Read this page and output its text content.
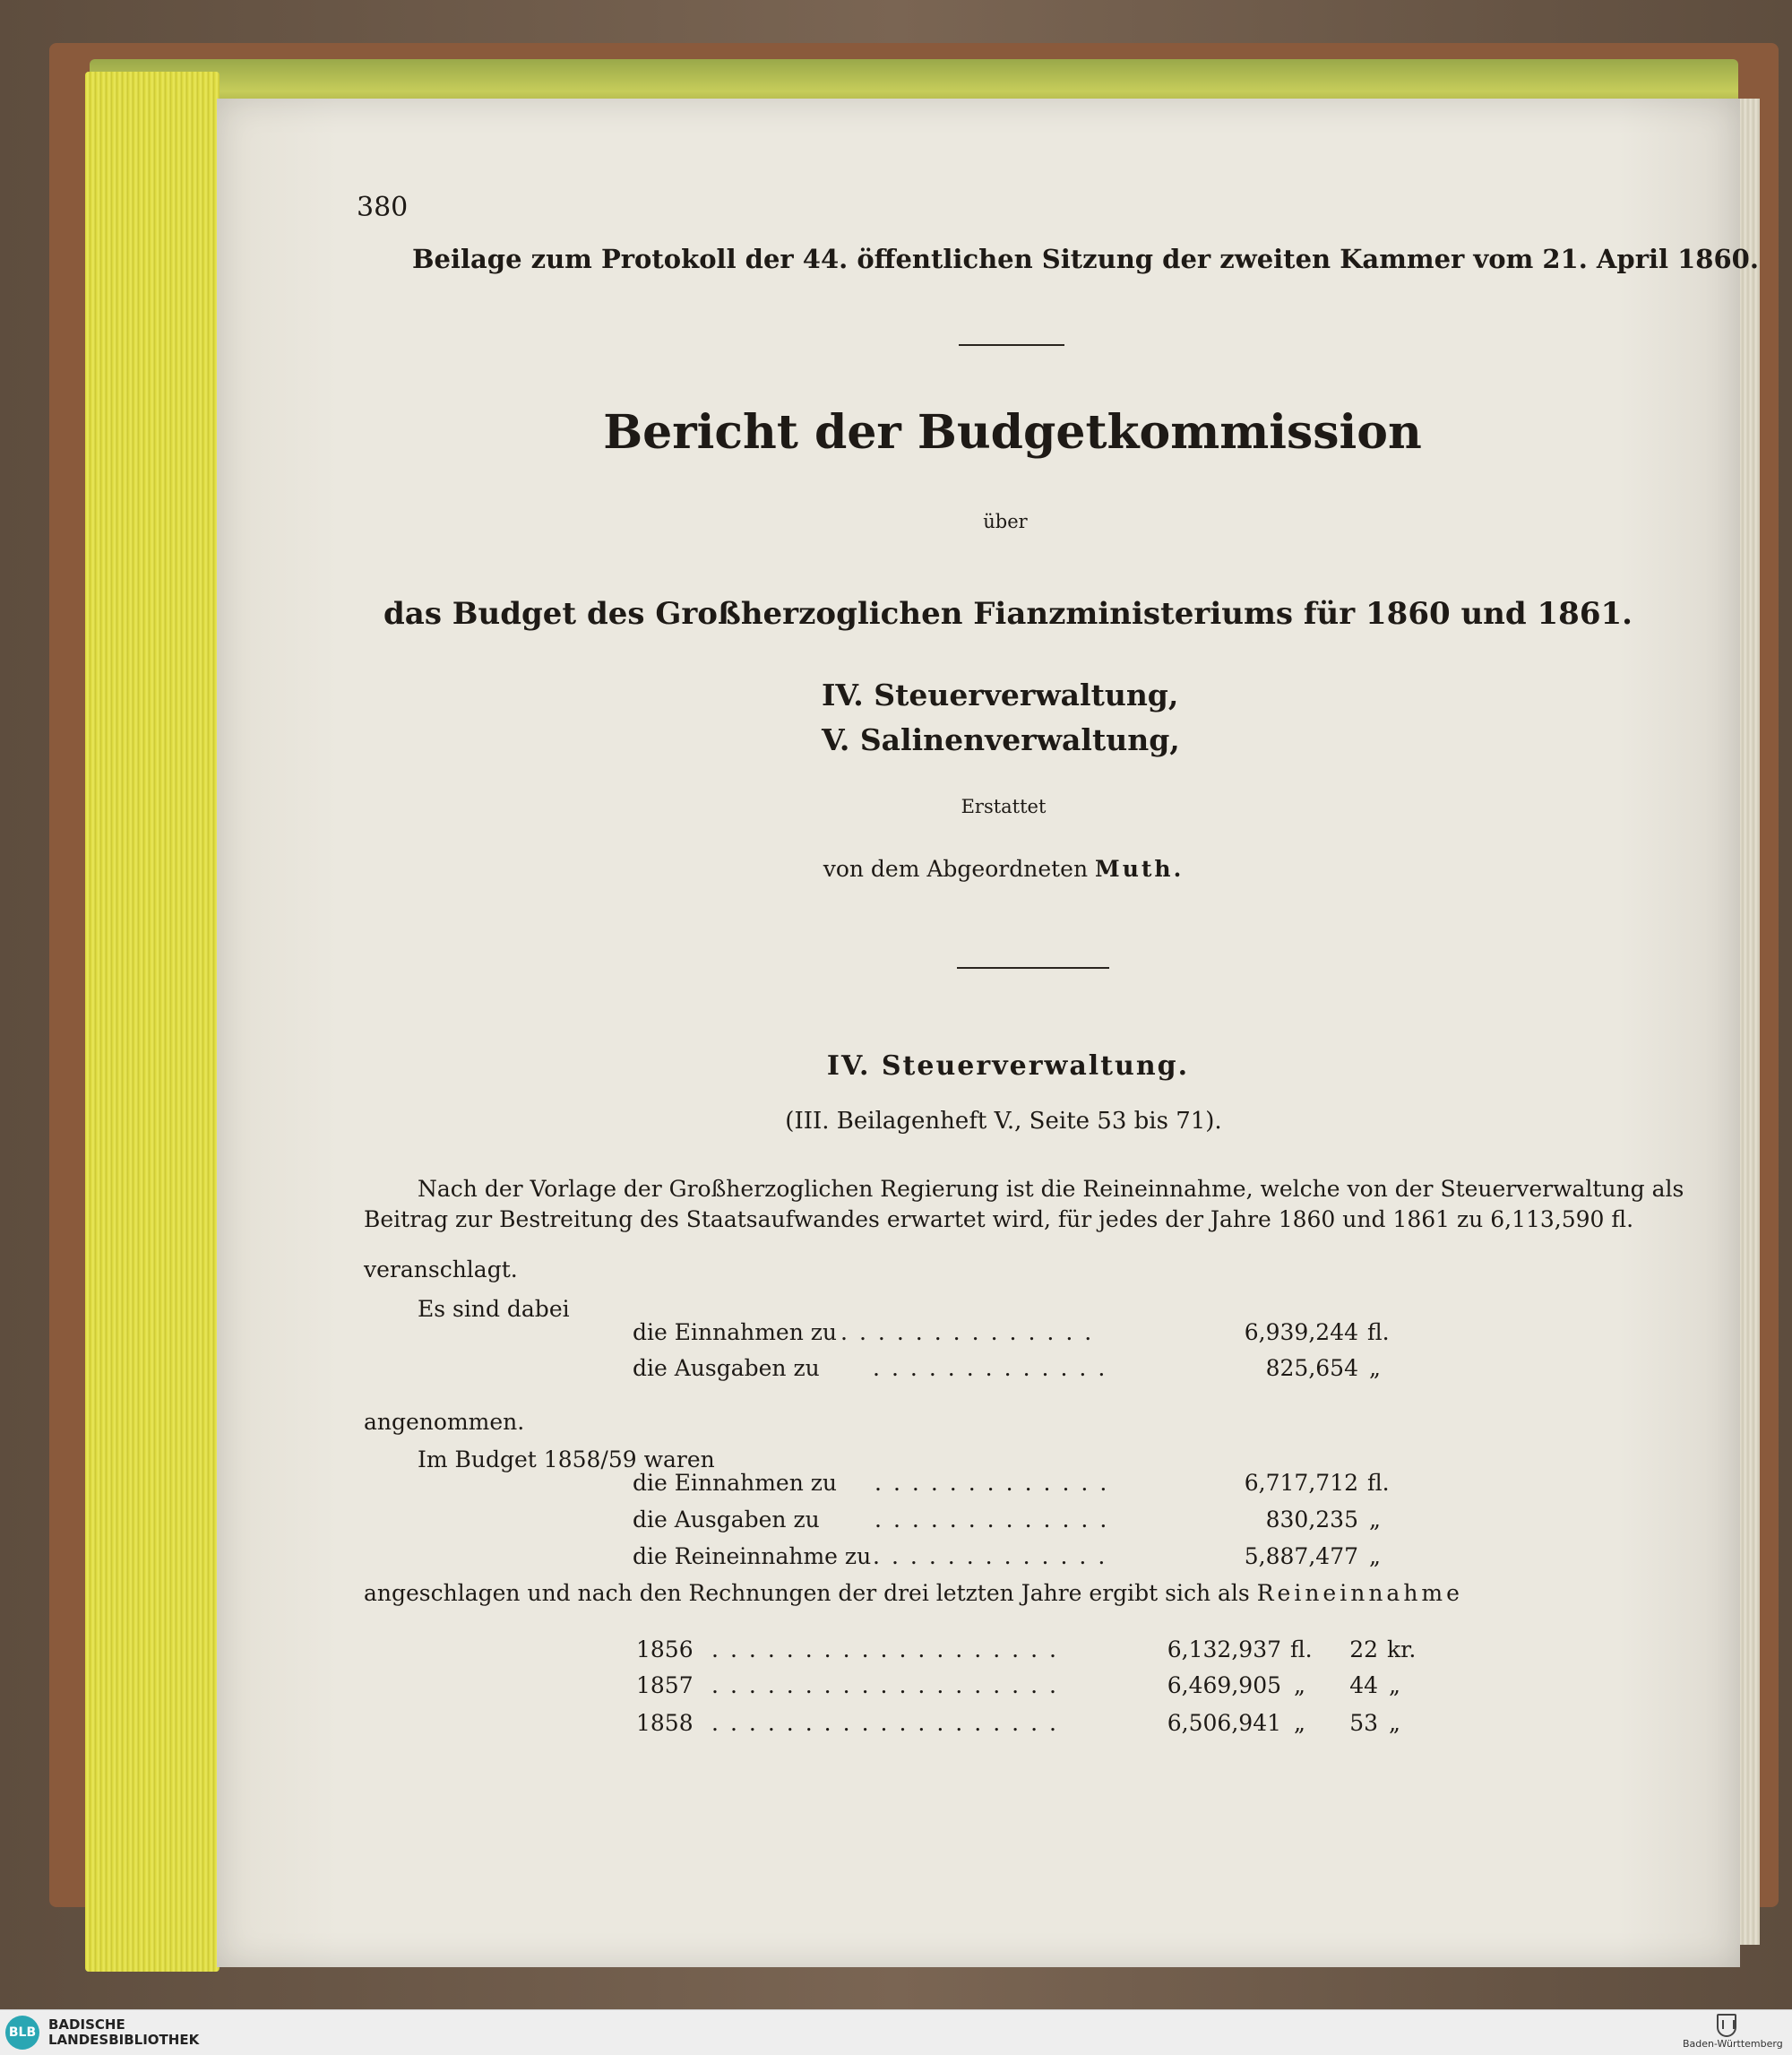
380
Beilage zum Protokoll der 44. öffentlichen Sitzung der zweiten Kammer vom 21. April 1860.
Bericht der Budgetkommission
über
das Budget des Großherzoglichen Fianzministeriums für 1860 und 1861.
IV. Steuerverwaltung,
V. Salinenverwaltung,
Erstattet
von dem Abgeordneten Muth.
IV. Steuerverwaltung.
(III. Beilagenheft V., Seite 53 bis 71).
Nach der Vorlage der Großherzoglichen Regierung ist die Reineinnahme, welche von der Steuerverwaltung als
Beitrag zur Bestreitung des Staatsaufwandes erwartet wird, für jedes der Jahre 1860 und 1861 zu 6,113,590 fl.
veranschlagt.
Es sind dabei
die Einnahmen zu ..............	6,939,244 fl.
die Ausgaben zu .............	825,654 „
angenommen.
Im Budget 1858/59 waren
die Einnahmen zu .............	6,717,712 fl.
die Ausgaben zu .............	830,235 „
die Reineinnahme zu .............	5,887,477 „
angeschlagen und nach den Rechnungen der drei letzten Jahre ergibt sich als Reineinnahme
1856 ...................	6,132,937 fl.	22 kr.
1857 ...................	6,469,905 „	44 „
1858 ...................	6,506,941 „	53 „
BLB BADISCHE
LANDESBIBLIOTHEK	Baden-Württemberg
